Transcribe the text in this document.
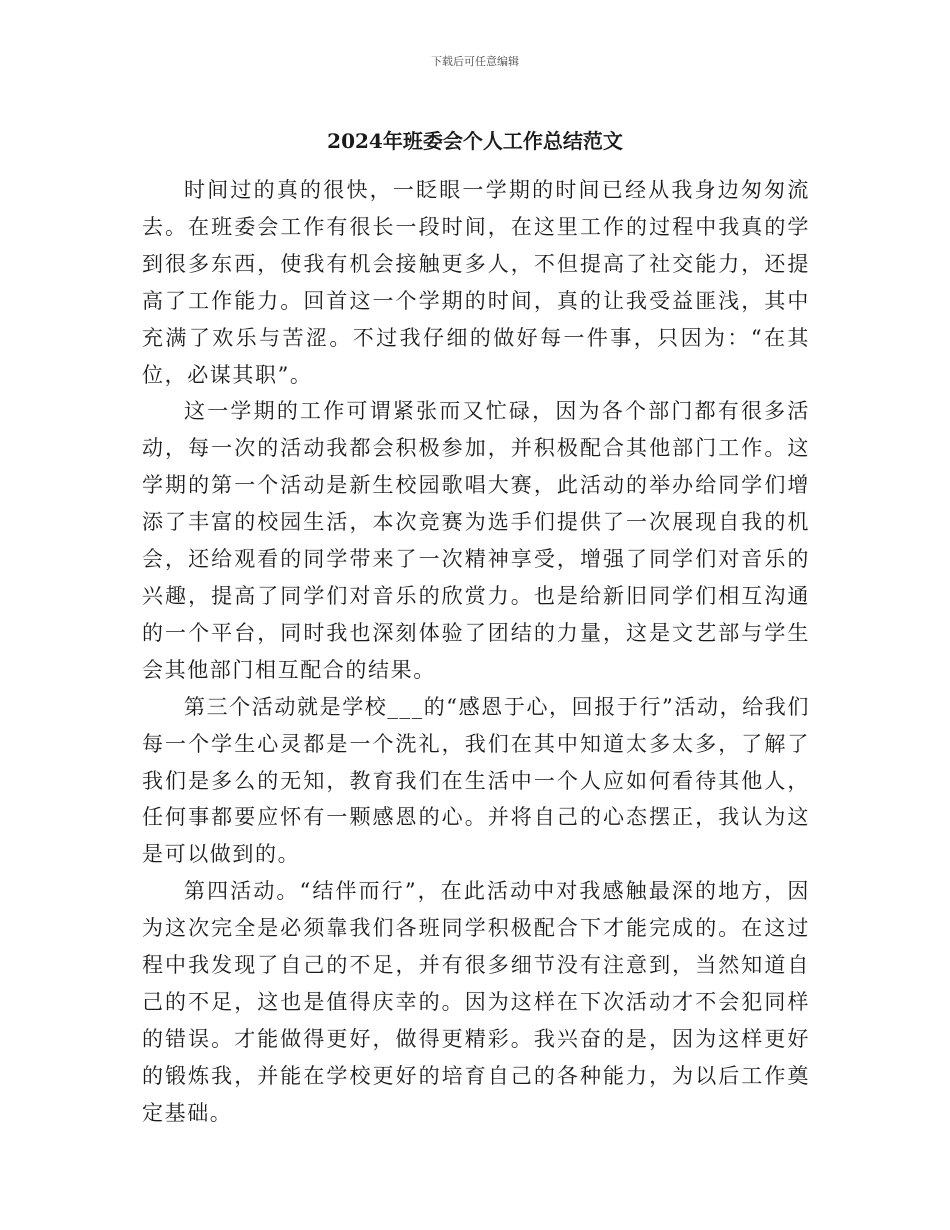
下载后可任意编辑
2024年班委会个人工作总结范文

时间过的真的很快，一眨眼一学期的时间已经从我身边匆匆流去。在班委会工作有很长一段时间，在这里工作的过程中我真的学到很多东西，使我有机会接触更多人，不但提高了社交能力，还提高了工作能力。回首这一个学期的时间，真的让我受益匪浅，其中充满了欢乐与苦涩。不过我仔细的做好每一件事，只因为：“在其位，必谋其职”。

这一学期的工作可谓紧张而又忙碌，因为各个部门都有很多活动，每一次的活动我都会积极参加，并积极配合其他部门工作。这学期的第一个活动是新生校园歌唱大赛，此活动的举办给同学们增添了丰富的校园生活，本次竞赛为选手们提供了一次展现自我的机会，还给观看的同学带来了一次精神享受，增强了同学们对音乐的兴趣，提高了同学们对音乐的欣赏力。也是给新旧同学们相互沟通的一个平台，同时我也深刻体验了团结的力量，这是文艺部与学生会其他部门相互配合的结果。

第三个活动就是学校___的“感恩于心，回报于行”活动，给我们每一个学生心灵都是一个洗礼，我们在其中知道太多太多，了解了我们是多么的无知，教育我们在生活中一个人应如何看待其他人，任何事都要应怀有一颗感恩的心。并将自己的心态摆正，我认为这是可以做到的。

第四活动。“结伴而行”，在此活动中对我感触最深的地方，因为这次完全是必须靠我们各班同学积极配合下才能完成的。在这过程中我发现了自己的不足，并有很多细节没有注意到，当然知道自己的不足，这也是值得庆幸的。因为这样在下次活动才不会犯同样的错误。才能做得更好，做得更精彩。我兴奋的是，因为这样更好的锻炼我，并能在学校更好的培育自己的各种能力，为以后工作奠定基础。
